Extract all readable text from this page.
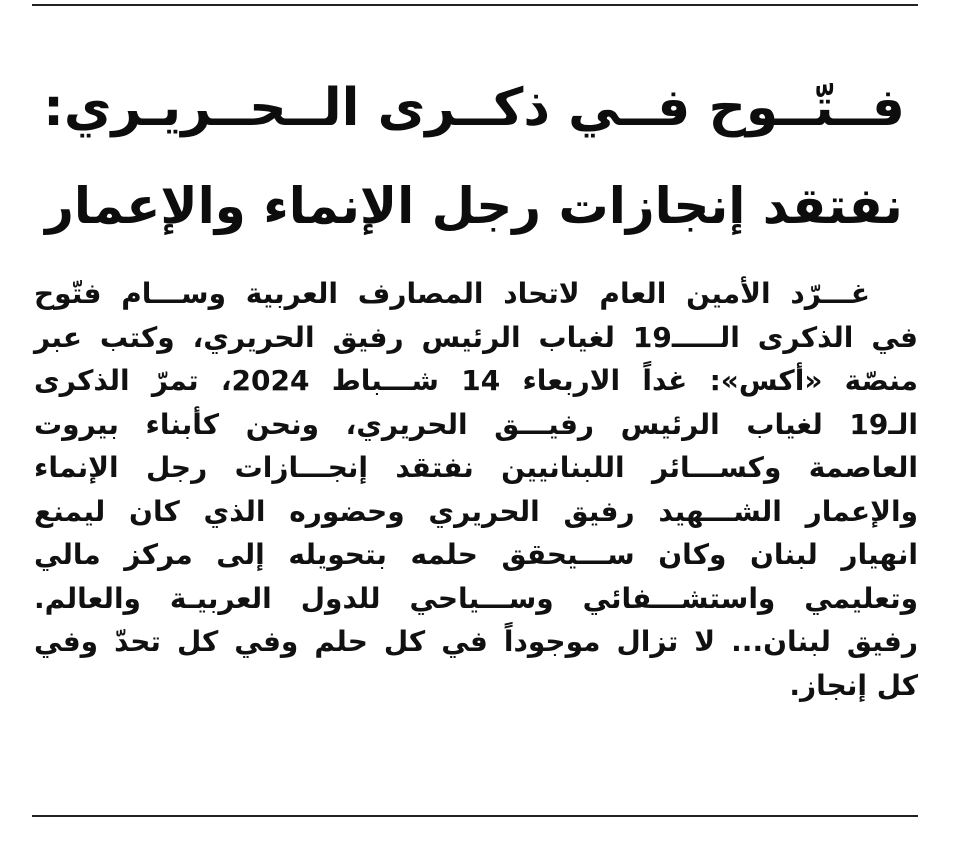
فــتّــوح فــي ذكــرى الــحــريـري:
نفتقد إنجازات رجل الإنماء والإعمار
غـــرّد الأمين العام لاتحاد المصارف العربية وســـام فتّوح
في الذكرى الـــــ19 لغياب الرئيس رفيق الحريري، وكتب عبر
منصّة «أكس»: غداً الاربعاء 14 شـــباط 2024، تمرّ الذكرى
الـ19 لغياب الرئيس رفيـــق الحريري، ونحن كأبناء بيروت
العاصمة وكســـائر اللبنانيين نفتقد إنجـــازات رجل الإنماء
والإعمار الشـــهيد رفيق الحريري وحضوره الذي كان ليمنع
انهيار لبنان وكان ســـيحقق حلمه بتحويله إلى مركز مالي
وتعليمي واستشـــفائي وســـياحي للدول العربيـة والعالم.
رفيق لبنان... لا تزال موجوداً في كل حلم وفي كل تحدّ وفي
كل إنجاز.
